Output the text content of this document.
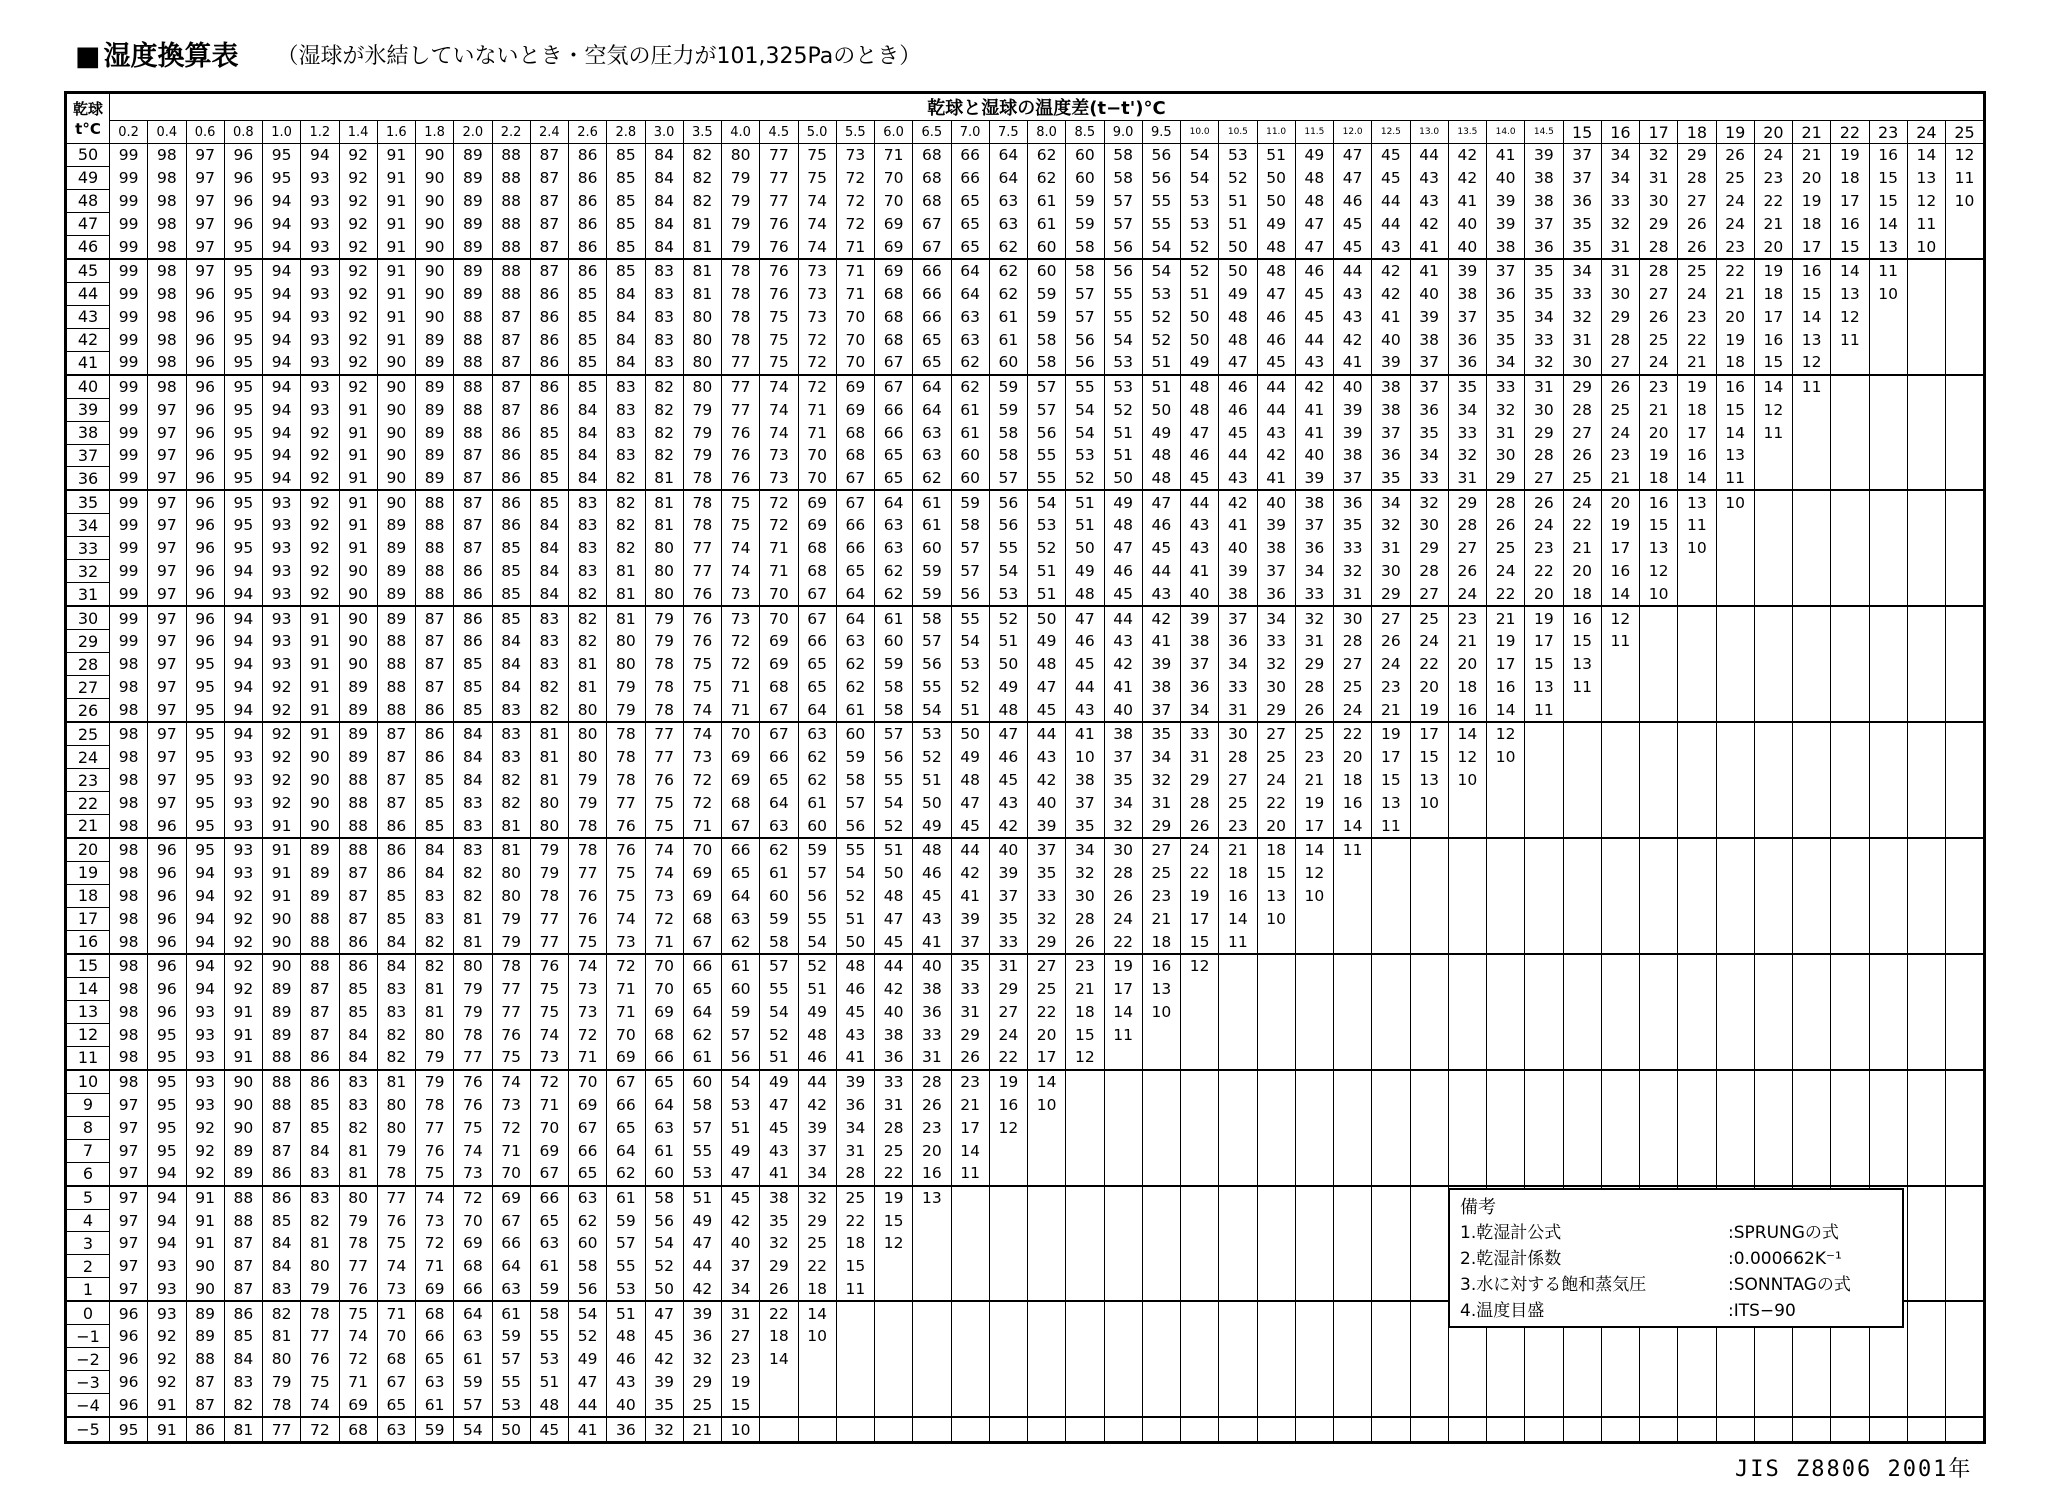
■ 湿度換算表 （湿球が氷結していないとき・空気の圧力が101,325Paのとき）
乾球
t°C	乾球と湿球の温度差(t−t')°C																																																
	0.2	0.4	0.6	0.8	1.0	1.2	1.4	1.6	1.8	2.0	2.2	2.4	2.6	2.8	3.0	3.5	4.0	4.5	5.0	5.5	6.0	6.5	7.0	7.5	8.0	8.5	9.0	9.5	10.0	10.5	11.0	11.5	12.0	12.5	13.0	13.5	14.0	14.5	15	16	17	18	19	20	21	22	23	24	25
50	99	98	97	96	95	94	92	91	90	89	88	87	86	85	84	82	80	77	75	73	71	68	66	64	62	60	58	56	54	53	51	49	47	45	44	42	41	39	37	34	32	29	26	24	21	19	16	14	12
49	99	98	97	96	95	93	92	91	90	89	88	87	86	85	84	82	79	77	75	72	70	68	66	64	62	60	58	56	54	52	50	48	47	45	43	42	40	38	37	34	31	28	25	23	20	18	15	13	11
48	99	98	97	96	94	93	92	91	90	89	88	87	86	85	84	82	79	77	74	72	70	68	65	63	61	59	57	55	53	51	50	48	46	44	43	41	39	38	36	33	30	27	24	22	19	17	15	12	10
47	99	98	97	96	94	93	92	91	90	89	88	87	86	85	84	81	79	76	74	72	69	67	65	63	61	59	57	55	53	51	49	47	45	44	42	40	39	37	35	32	29	26	24	21	18	16	14	11	
46	99	98	97	95	94	93	92	91	90	89	88	87	86	85	84	81	79	76	74	71	69	67	65	62	60	58	56	54	52	50	48	47	45	43	41	40	38	36	35	31	28	26	23	20	17	15	13	10	
45	99	98	97	95	94	93	92	91	90	89	88	87	86	85	83	81	78	76	73	71	69	66	64	62	60	58	56	54	52	50	48	46	44	42	41	39	37	35	34	31	28	25	22	19	16	14	11		
44	99	98	96	95	94	93	92	91	90	89	88	86	85	84	83	81	78	76	73	71	68	66	64	62	59	57	55	53	51	49	47	45	43	42	40	38	36	35	33	30	27	24	21	18	15	13	10		
43	99	98	96	95	94	93	92	91	90	88	87	86	85	84	83	80	78	75	73	70	68	66	63	61	59	57	55	52	50	48	46	45	43	41	39	37	35	34	32	29	26	23	20	17	14	12			
42	99	98	96	95	94	93	92	91	89	88	87	86	85	84	83	80	78	75	72	70	68	65	63	61	58	56	54	52	50	48	46	44	42	40	38	36	35	33	31	28	25	22	19	16	13	11			
41	99	98	96	95	94	93	92	90	89	88	87	86	85	84	83	80	77	75	72	70	67	65	62	60	58	56	53	51	49	47	45	43	41	39	37	36	34	32	30	27	24	21	18	15	12				
40	99	98	96	95	94	93	92	90	89	88	87	86	85	83	82	80	77	74	72	69	67	64	62	59	57	55	53	51	48	46	44	42	40	38	37	35	33	31	29	26	23	19	16	14	11				
39	99	97	96	95	94	93	91	90	89	88	87	86	84	83	82	79	77	74	71	69	66	64	61	59	57	54	52	50	48	46	44	41	39	38	36	34	32	30	28	25	21	18	15	12					
38	99	97	96	95	94	92	91	90	89	88	86	85	84	83	82	79	76	74	71	68	66	63	61	58	56	54	51	49	47	45	43	41	39	37	35	33	31	29	27	24	20	17	14	11					
37	99	97	96	95	94	92	91	90	89	87	86	85	84	83	82	79	76	73	70	68	65	63	60	58	55	53	51	48	46	44	42	40	38	36	34	32	30	28	26	23	19	16	13						
36	99	97	96	95	94	92	91	90	89	87	86	85	84	82	81	78	76	73	70	67	65	62	60	57	55	52	50	48	45	43	41	39	37	35	33	31	29	27	25	21	18	14	11						
35	99	97	96	95	93	92	91	90	88	87	86	85	83	82	81	78	75	72	69	67	64	61	59	56	54	51	49	47	44	42	40	38	36	34	32	29	28	26	24	20	16	13	10						
34	99	97	96	95	93	92	91	89	88	87	86	84	83	82	81	78	75	72	69	66	63	61	58	56	53	51	48	46	43	41	39	37	35	32	30	28	26	24	22	19	15	11							
33	99	97	96	95	93	92	91	89	88	87	85	84	83	82	80	77	74	71	68	66	63	60	57	55	52	50	47	45	43	40	38	36	33	31	29	27	25	23	21	17	13	10							
32	99	97	96	94	93	92	90	89	88	86	85	84	83	81	80	77	74	71	68	65	62	59	57	54	51	49	46	44	41	39	37	34	32	30	28	26	24	22	20	16	12								
31	99	97	96	94	93	92	90	89	88	86	85	84	82	81	80	76	73	70	67	64	62	59	56	53	51	48	45	43	40	38	36	33	31	29	27	24	22	20	18	14	10								
30	99	97	96	94	93	91	90	89	87	86	85	83	82	81	79	76	73	70	67	64	61	58	55	52	50	47	44	42	39	37	34	32	30	27	25	23	21	19	16	12									
29	99	97	96	94	93	91	90	88	87	86	84	83	82	80	79	76	72	69	66	63	60	57	54	51	49	46	43	41	38	36	33	31	28	26	24	21	19	17	15	11									
28	98	97	95	94	93	91	90	88	87	85	84	83	81	80	78	75	72	69	65	62	59	56	53	50	48	45	42	39	37	34	32	29	27	24	22	20	17	15	13										
27	98	97	95	94	92	91	89	88	87	85	84	82	81	79	78	75	71	68	65	62	58	55	52	49	47	44	41	38	36	33	30	28	25	23	20	18	16	13	11										
26	98	97	95	94	92	91	89	88	86	85	83	82	80	79	78	74	71	67	64	61	58	54	51	48	45	43	40	37	34	31	29	26	24	21	19	16	14	11											
25	98	97	95	94	92	91	89	87	86	84	83	81	80	78	77	74	70	67	63	60	57	53	50	47	44	41	38	35	33	30	27	25	22	19	17	14	12												
24	98	97	95	93	92	90	89	87	86	84	83	81	80	78	77	73	69	66	62	59	56	52	49	46	43	10	37	34	31	28	25	23	20	17	15	12	10												
23	98	97	95	93	92	90	88	87	85	84	82	81	79	78	76	72	69	65	62	58	55	51	48	45	42	38	35	32	29	27	24	21	18	15	13	10													
22	98	97	95	93	92	90	88	87	85	83	82	80	79	77	75	72	68	64	61	57	54	50	47	43	40	37	34	31	28	25	22	19	16	13	10														
21	98	96	95	93	91	90	88	86	85	83	81	80	78	76	75	71	67	63	60	56	52	49	45	42	39	35	32	29	26	23	20	17	14	11															
20	98	96	95	93	91	89	88	86	84	83	81	79	78	76	74	70	66	62	59	55	51	48	44	40	37	34	30	27	24	21	18	14	11																
19	98	96	94	93	91	89	87	86	84	82	80	79	77	75	74	69	65	61	57	54	50	46	42	39	35	32	28	25	22	18	15	12																	
18	98	96	94	92	91	89	87	85	83	82	80	78	76	75	73	69	64	60	56	52	48	45	41	37	33	30	26	23	19	16	13	10																	
17	98	96	94	92	90	88	87	85	83	81	79	77	76	74	72	68	63	59	55	51	47	43	39	35	32	28	24	21	17	14	10																		
16	98	96	94	92	90	88	86	84	82	81	79	77	75	73	71	67	62	58	54	50	45	41	37	33	29	26	22	18	15	11																			
15	98	96	94	92	90	88	86	84	82	80	78	76	74	72	70	66	61	57	52	48	44	40	35	31	27	23	19	16	12																				
14	98	96	94	92	89	87	85	83	81	79	77	75	73	71	70	65	60	55	51	46	42	38	33	29	25	21	17	13																					
13	98	96	93	91	89	87	85	83	81	79	77	75	73	71	69	64	59	54	49	45	40	36	31	27	22	18	14	10																					
12	98	95	93	91	89	87	84	82	80	78	76	74	72	70	68	62	57	52	48	43	38	33	29	24	20	15	11																						
11	98	95	93	91	88	86	84	82	79	77	75	73	71	69	66	61	56	51	46	41	36	31	26	22	17	12																							
10	98	95	93	90	88	86	83	81	79	76	74	72	70	67	65	60	54	49	44	39	33	28	23	19	14																								
9	97	95	93	90	88	85	83	80	78	76	73	71	69	66	64	58	53	47	42	36	31	26	21	16	10																								
8	97	95	92	90	87	85	82	80	77	75	72	70	67	65	63	57	51	45	39	34	28	23	17	12																									
7	97	95	92	89	87	84	81	79	76	74	71	69	66	64	61	55	49	43	37	31	25	20	14																										
6	97	94	92	89	86	83	81	78	75	73	70	67	65	62	60	53	47	41	34	28	22	16	11																										
5	97	94	91	88	86	83	80	77	74	72	69	66	63	61	58	51	45	38	32	25	19	13																											
4	97	94	91	88	85	82	79	76	73	70	67	65	62	59	56	49	42	35	29	22	15																												
3	97	94	91	87	84	81	78	75	72	69	66	63	60	57	54	47	40	32	25	18	12																												
2	97	93	90	87	84	80	77	74	71	68	64	61	58	55	52	44	37	29	22	15																													
1	97	93	90	87	83	79	76	73	69	66	63	59	56	53	50	42	34	26	18	11																													
0	96	93	89	86	82	78	75	71	68	64	61	58	54	51	47	39	31	22	14																														
−1	96	92	89	85	81	77	74	70	66	63	59	55	52	48	45	36	27	18	10																														
−2	96	92	88	84	80	76	72	68	65	61	57	53	49	46	42	32	23	14																															
−3	96	92	87	83	79	75	71	67	63	59	55	51	47	43	39	29	19																																
−4	96	91	87	82	78	74	69	65	61	57	53	48	44	40	35	25	15																																
−5	95	91	86	81	77	72	68	63	59	54	50	45	41	36	32	21	10																																
備考
1.乾湿計公式	:SPRUNGの式
2.乾湿計係数	:0.000662K⁻¹
3.水に対する飽和蒸気圧	:SONNTAGの式
4.温度目盛	:ITS−90
JIS Z8806 2001年
